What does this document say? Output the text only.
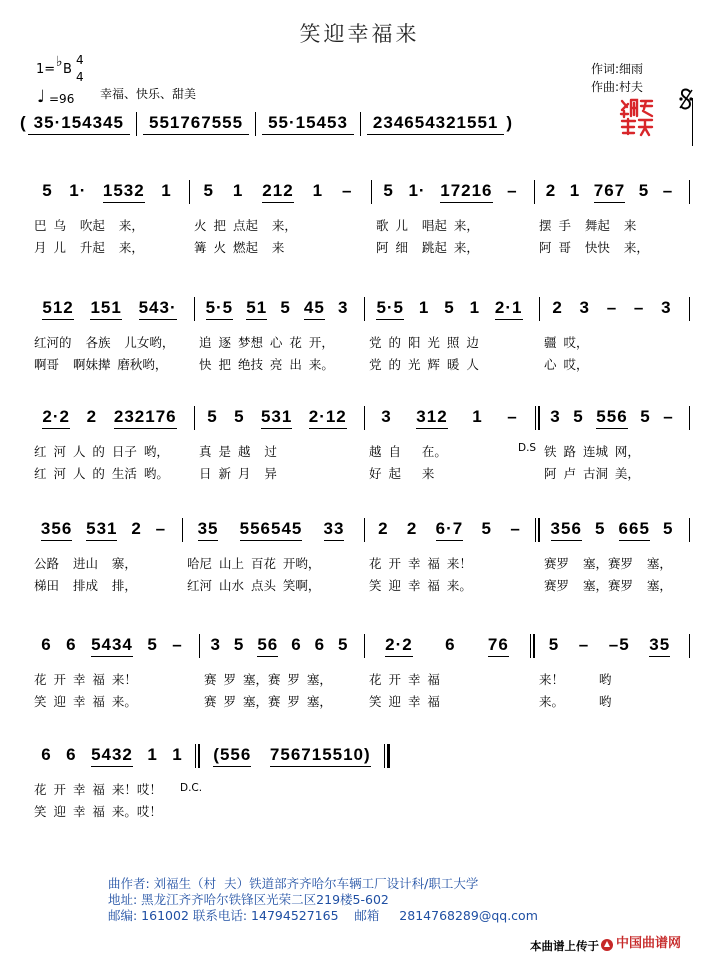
笑迎幸福来
1= ♭ B
4
4
♩ =96 幸福、快乐、甜美
作词:细雨
作曲:村夫
( 35·154345	551767555	55·15453	234654321551 )
5 1· 1532 1
巴 乌  吹起  来，
月 儿  升起  来，
5 1 212 1 –
火 把 点起  来，
篝 火 燃起  来
5 1· 17216 –
歌 儿  唱起 来，
阿 细  跳起 来，
2 1 767 5 –
摆 手  舞起  来
阿 哥  快快  来，
512 151 543·
红河的  各族  儿女哟，
啊哥  啊妹撵 磨秋哟，
5·5 51 5 45 3
追 逐 梦想 心 花 开，
快 把 绝技 亮 出 来。
5·5 1 5 1 2·1
党 的 阳 光 照 边
党 的 光 辉 暖 人
2 3 – – 3
疆 哎，
心 哎，
2·2 2 232176
红 河 人 的 日子 哟，
红 河 人 的 生活 哟。
5 5 531 2·12
真 是 越  过
日 新 月  异
3 312 1 –
越 自   在。
好 起   来
3 5 556 5 –
铁 路 连城 网，
阿 卢 古洞 美，
D.S
356 531 2 –
公路  进山  寨，
梯田  排成  排，
35 556545 33
哈尼 山上 百花 开哟，
红河 山水 点头 笑啊，
2 2 6·7 5 –
花 开 幸 福 来！
笑 迎 幸 福 来。
356 5 665 5
赛罗  塞，赛罗  塞，
赛罗  塞，赛罗  塞，
6 6 5434 5 –
花 开 幸 福 来！
笑 迎 幸 福 来。
3 5 56 6 6 5
赛 罗 塞，赛 罗 塞，
赛 罗 塞，赛 罗 塞，
2·2 6 76
花 开 幸 福
笑 迎 幸 福
5 – –5 35
来！     哟
来。     哟
6 6 5432 1 1
花 开 幸 福 来！哎！
笑 迎 幸 福 来。哎！
D.C.
(556 756715510)
曲作者: 刘福生（村  夫）铁道部齐齐哈尔车辆工厂设计科/职工大学
地址: 黑龙江齐齐哈尔铁锋区光荣二区219楼5-602
邮编: 161002 联系电话: 14794527165    邮箱     2814768289@qq.com
本曲谱上传于 中国曲谱网
